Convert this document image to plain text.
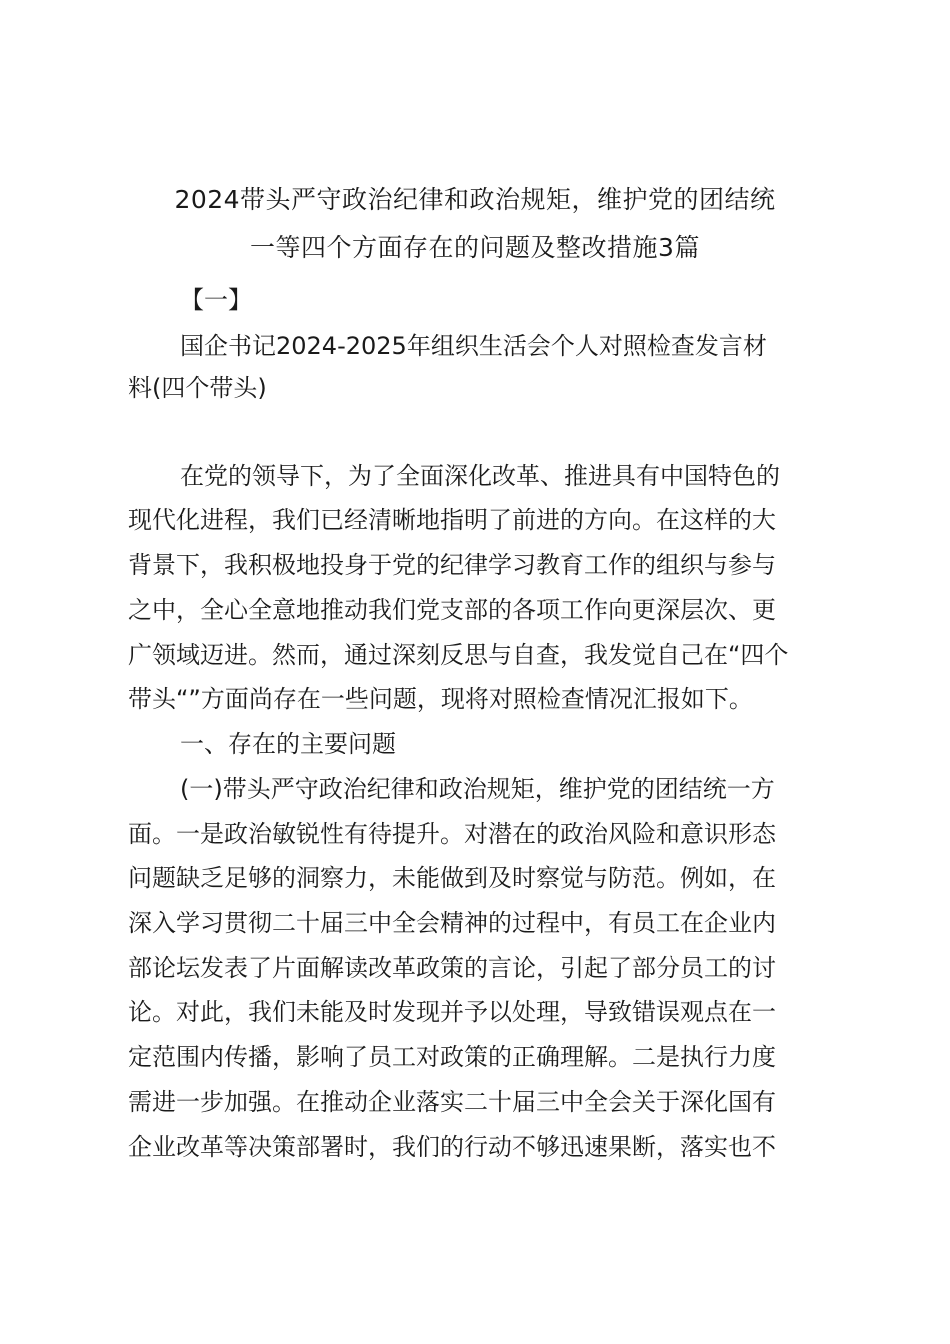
2024带头严守政治纪律和政治规矩，维护党的团结统
一等四个方面存在的问题及整改措施3篇
【一】
国企书记2024-2025年组织生活会个人对照检查发言材
料(四个带头)
在党的领导下，为了全面深化改革、推进具有中国特色的
现代化进程，我们已经清晰地指明了前进的方向。在这样的大
背景下，我积极地投身于党的纪律学习教育工作的组织与参与
之中，全心全意地推动我们党支部的各项工作向更深层次、更
广领域迈进。然而，通过深刻反思与自查，我发觉自己在“四个
带头“”方面尚存在一些问题，现将对照检查情况汇报如下。
一、存在的主要问题
(一)带头严守政治纪律和政治规矩，维护党的团结统一方
面。一是政治敏锐性有待提升。对潜在的政治风险和意识形态
问题缺乏足够的洞察力，未能做到及时察觉与防范。例如，在
深入学习贯彻二十届三中全会精神的过程中，有员工在企业内
部论坛发表了片面解读改革政策的言论，引起了部分员工的讨
论。对此，我们未能及时发现并予以处理，导致错误观点在一
定范围内传播，影响了员工对政策的正确理解。二是执行力度
需进一步加强。在推动企业落实二十届三中全会关于深化国有
企业改革等决策部署时，我们的行动不够迅速果断，落实也不
